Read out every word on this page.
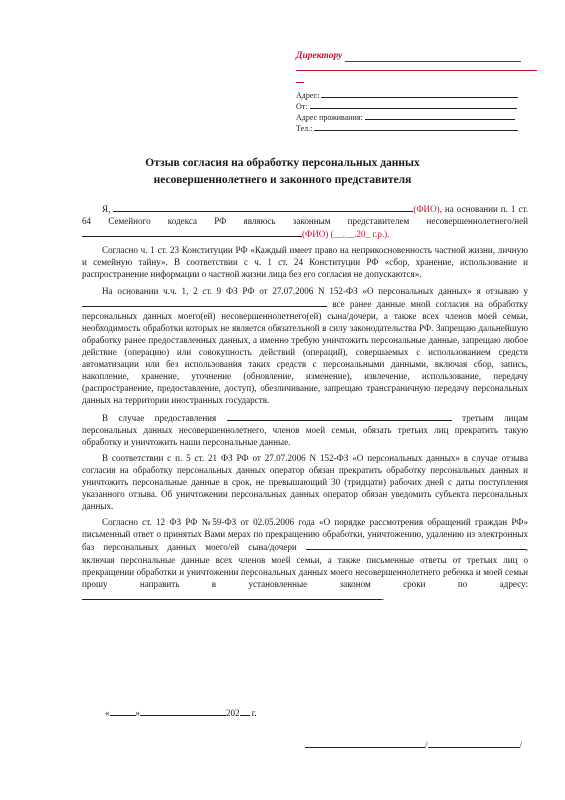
Директору
Адрес:
От:
Адрес проживания:
Тел.:
Отзыв согласия на обработку персональных данных
несовершеннолетнего и законного представителя

Я,	(ФИО), на основании п. 1 ст. 64 Семейного кодекса РФ являюсь законным представителем несовершеннолетнего/ней (ФИО) (__.__.20_ г.р.).

Согласно ч. 1 ст. 23 Конституции РФ «Каждый имеет право на неприкосновенность частной жизни, личную и семейную тайну». В соответствии с ч. 1 ст. 24 Конституции РФ «сбор, хранение, использование и распространение информации о частной жизни лица без его согласия не допускаются».

На основании ч.ч. 1, 2 ст. 9 ФЗ РФ от 27.07.2006 N 152-ФЗ «О персональных данных» я отзываю у  все ранее данные мной согласия на обработку персональных данных моего(ей) несовершеннолетнего(ей) сына/дочери, а также всех членов моей семьи, необходимость обработки которых не является обязательной в силу законодательства РФ. Запрещаю дальнейшую обработку ранее предоставленных данных, а именно требую уничтожить персональные данные, запрещаю любое действие (операцию) или совокупность действий (операций), совершаемых с использованием средств автоматизации или без использования таких средств с персональными данными, включая сбор, запись, накопление, хранение, уточнение (обновление, изменение), извлечение, использование, передачу (распространение, предоставление, доступ), обезличивание, запрещаю трансграничную передачу персональных данных на территории иностранных государств.

В случае предоставления	третьим лицам персональных данных несовершеннолетнего, членов моей семьи, обязать третьих лиц прекратить такую обработку и уничтожить наши персональные данные.

В соответствии с п. 5 ст. 21 ФЗ РФ от 27.07.2006 N 152-ФЗ «О персональных данных» в случае отзыва согласия на обработку персональных данных оператор обязан прекратить обработку персональных данных и уничтожить персональные данные в срок, не превышающий 30 (тридцати) рабочих дней с даты поступления указанного отзыва. Об уничтожении персональных данных оператор обязан уведомить субъекта персональных данных.

Согласно ст. 12 ФЗ РФ №59-ФЗ от 02.05.2006 года «О порядке рассмотрения обращений граждан РФ» письменный ответ о принятых Вами мерах по прекращению обработки, уничтожению, удалению из электронных баз персональных данных моего/ей сына/дочери	, включая персональные данные всех членов моей семьи, а также письменные ответы от третьих лиц о прекращении обработки и уничтожении персональных данных моего несовершеннолетнего ребенка и моей семьи прошу направить в установленные законом сроки по адресу: .

«	»	202 г.
/	/
